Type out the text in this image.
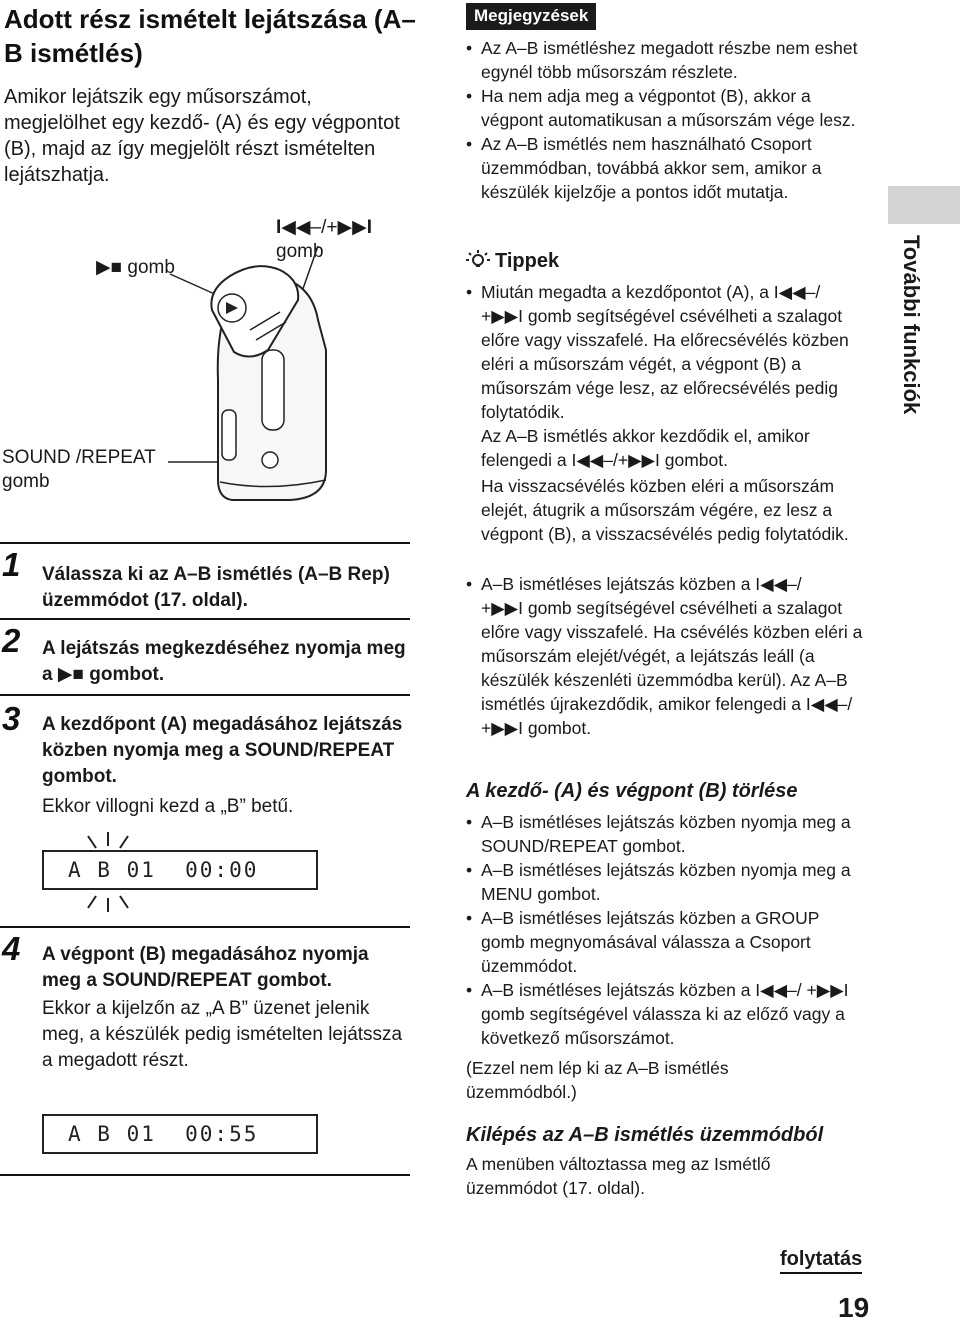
Adott rész ismételt lejátszása (A–B ismétlés)
Amikor lejátszik egy műsorszámot, megjelölhet egy kezdő- (A) és egy végpontot (B), majd az így megjelölt részt ismételten lejátszhatja.
▶■ gomb
I◀◀–/+▶▶I
gomb
SOUND /REPEAT
gomb
1 Válassza ki az A–B ismétlés (A–B Rep) üzemmódot (17. oldal).
2 A lejátszás megkezdéséhez nyomja meg a ▶■ gombot.
3 A kezdőpont (A) megadásához lejátszás közben nyomja meg a SOUND/REPEAT gombot.
Ekkor villogni kezd a „B” betű.
A B 01  00:00
4 A végpont (B) megadásához nyomja meg a SOUND/REPEAT gombot.
Ekkor a kijelzőn az „A B” üzenet jelenik meg, a készülék pedig ismételten lejátssza a megadott részt.
A B 01  00:55
Megjegyzések
• Az A–B ismétléshez megadott részbe nem eshet egynél több műsorszám részlete.
• Ha nem adja meg a végpontot (B), akkor a végpont automatikusan a műsorszám vége lesz.
• Az A–B ismétlés nem használható Csoport üzemmódban, továbbá akkor sem, amikor a készülék kijelzője a pontos időt mutatja.
Tippek
• Miután megadta a kezdőpontot (A), a I◀◀–/
+▶▶I gomb segítségével csévélheti a szalagot előre vagy visszafelé. Ha előrecsévélés közben eléri a műsorszám végét, a végpont (B) a műsorszám vége lesz, az előrecsévélés pedig folytatódik.
Az A–B ismétlés akkor kezdődik el, amikor felengedi a I◀◀–/+▶▶I gombot.
Ha visszacsévélés közben eléri a műsorszám elejét, átugrik a műsorszám végére, ez lesz a végpont (B), a visszacsévélés pedig folytatódik.
• A–B ismétléses lejátszás közben a I◀◀–/
+▶▶I gomb segítségével csévélheti a szalagot előre vagy visszafelé. Ha csévélés közben eléri a műsorszám elejét/végét, a lejátszás leáll (a készülék készenléti üzemmódba kerül). Az A–B ismétlés újrakezdődik, amikor felengedi a I◀◀–/ +▶▶I gombot.
A kezdő- (A) és végpont (B) törlése
• A–B ismétléses lejátszás közben nyomja meg a SOUND/REPEAT gombot.
• A–B ismétléses lejátszás közben nyomja meg a MENU gombot.
• A–B ismétléses lejátszás közben a GROUP gomb megnyomásával válassza a Csoport üzemmódot.
• A–B ismétléses lejátszás közben a I◀◀–/ +▶▶I gomb segítségével válassza ki az előző vagy a következő műsorszámot.
(Ezzel nem lép ki az A–B ismétlés üzemmódból.)
Kilépés az A–B ismétlés üzemmódból
A menüben változtassa meg az Ismétlő üzemmódot (17. oldal).
További funkciók
folytatás
19
